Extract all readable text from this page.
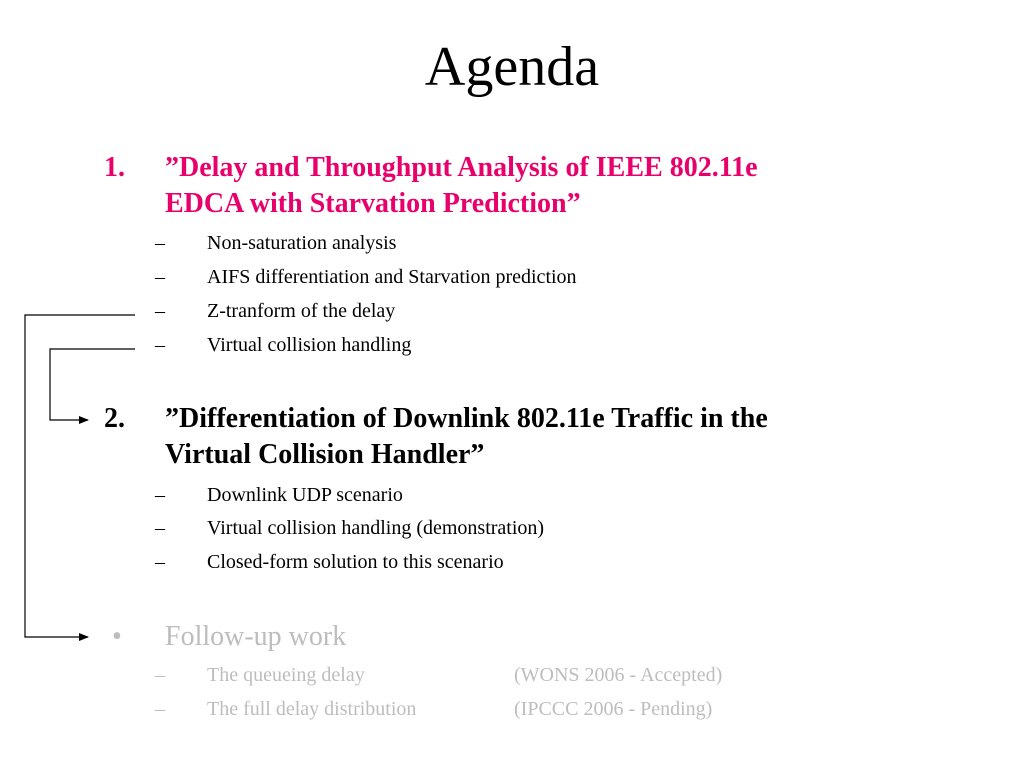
Agenda
1. ”Delay and Throughput Analysis of IEEE 802.11e
EDCA with Starvation Prediction”
– Non-saturation analysis
– AIFS differentiation and Starvation prediction
– Z-tranform of the delay
– Virtual collision handling
2. ”Differentiation of Downlink 802.11e Traffic in the
Virtual Collision Handler”
– Downlink UDP scenario
– Virtual collision handling (demonstration)
– Closed-form solution to this scenario
• Follow-up work
– The queueing delay	(WONS 2006 - Accepted)
– The full delay distribution	(IPCCC 2006 - Pending)
